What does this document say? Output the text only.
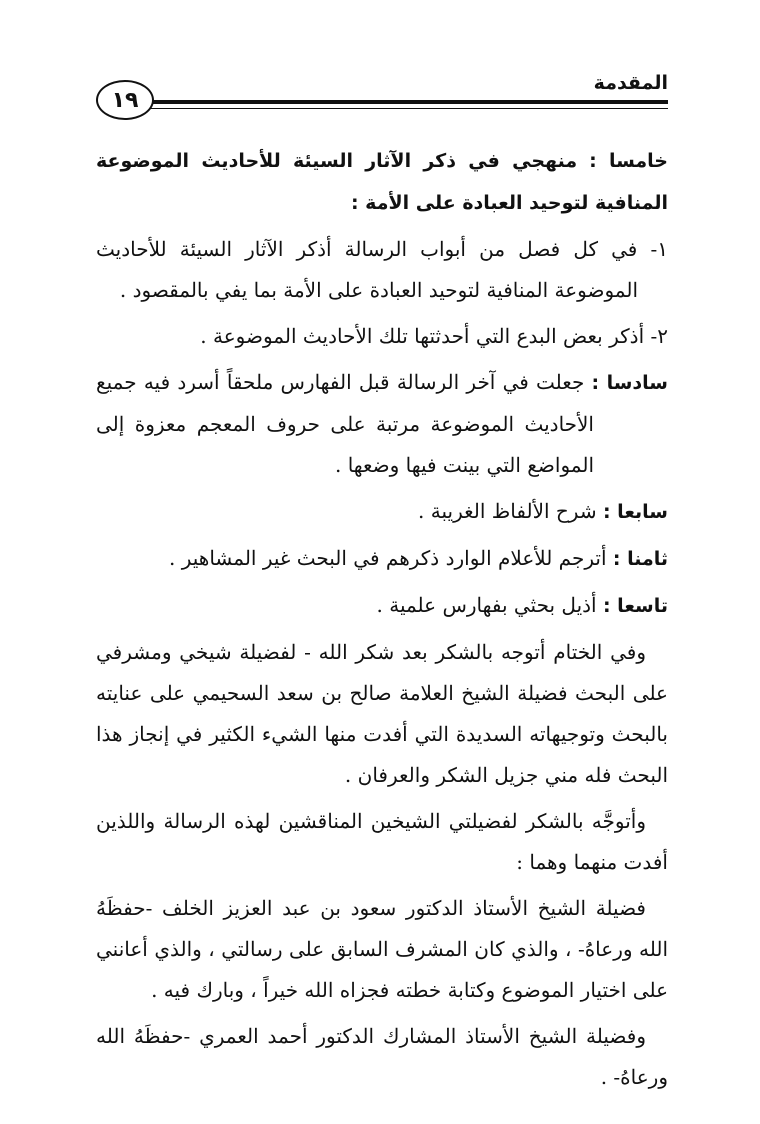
١٩
المقدمة

خامسا : منهجي في ذكر الآثار السيئة للأحاديث الموضوعة المنافية لتوحيد العبادة على الأمة :

١- في كل فصل من أبواب الرسالة أذكر الآثار السيئة للأحاديث الموضوعة المنافية لتوحيد العبادة على الأمة بما يفي بالمقصود .

٢- أذكر بعض البدع التي أحدثتها تلك الأحاديث الموضوعة .

سادسا : جعلت في آخر الرسالة قبل الفهارس ملحقاً أسرد فيه جميع الأحاديث الموضوعة مرتبة على حروف المعجم معزوة إلى المواضع التي بينت فيها وضعها .

سابعا : شرح الألفاظ الغريبة .

ثامنا : أترجم للأعلام الوارد ذكرهم في البحث غير المشاهير .

تاسعا : أذيل بحثي بفهارس علمية .

وفي الختام أتوجه بالشكر بعد شكر الله - لفضيلة شيخي ومشرفي على البحث فضيلة الشيخ العلامة صالح بن سعد السحيمي على عنايته بالبحث وتوجيهاته السديدة التي أفدت منها الشيء الكثير في إنجاز هذا البحث فله مني جزيل الشكر والعرفان .

وأتوجَّه بالشكر لفضيلتي الشيخين المناقشين لهذه الرسالة واللذين أفدت منهما وهما :

فضيلة الشيخ الأستاذ الدكتور سعود بن عبد العزيز الخلف -حفظَهُ الله ورعاهُ- ، والذي كان المشرف السابق على رسالتي ، والذي أعانني على اختيار الموضوع وكتابة خطته فجزاه الله خيراً ، وبارك فيه .

وفضيلة الشيخ الأستاذ المشارك الدكتور أحمد العمري -حفظَهُ الله ورعاهُ- .
